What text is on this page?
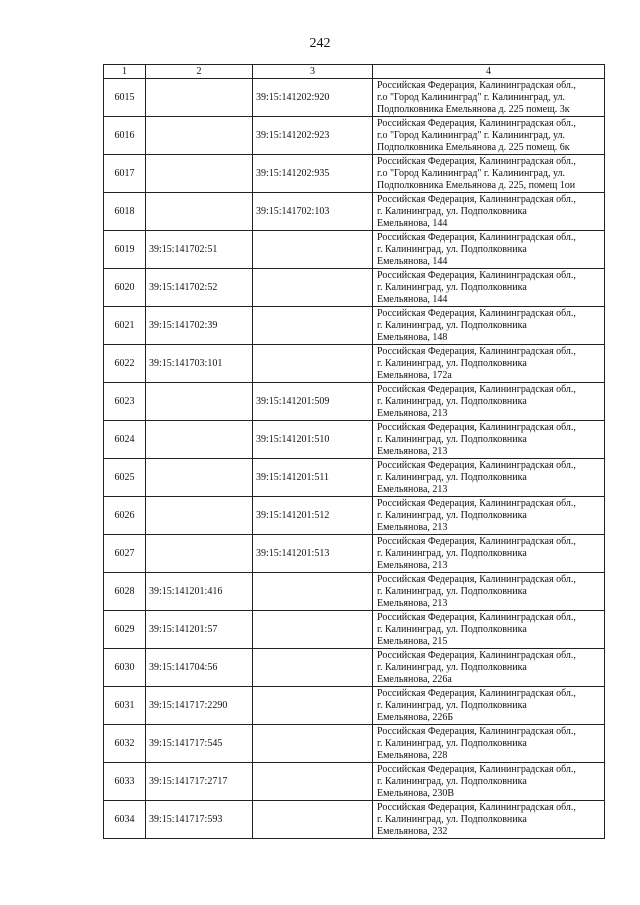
242
1	2	3	4
6015		39:15:141202:920	Российская Федерация, Калининградская обл.,
г.о "Город Калининград" г. Калининград, ул.
Подполковника Емельянова д. 225 помещ. 3к

6016		39:15:141202:923	Российская Федерация, Калининградская обл.,
г.о "Город Калининград" г. Калининград, ул.
Подполковника Емельянова д. 225 помещ. 6к

6017		39:15:141202:935	Российская Федерация, Калининградская обл.,
г.о "Город Калининград" г. Калининград, ул.
Подполковника Емельянова д. 225, помещ 1ои

6018		39:15:141702:103	Российская Федерация, Калининградская обл.,
г. Калининград, ул. Подполковника
Емельянова, 144

6019	39:15:141702:51		Российская Федерация, Калининградская обл.,
г. Калининград, ул. Подполковника
Емельянова, 144

6020	39:15:141702:52		Российская Федерация, Калининградская обл.,
г. Калининград, ул. Подполковника
Емельянова, 144

6021	39:15:141702:39		Российская Федерация, Калининградская обл.,
г. Калининград, ул. Подполковника
Емельянова, 148

6022	39:15:141703:101		Российская Федерация, Калининградская обл.,
г. Калининград, ул. Подполковника
Емельянова, 172а

6023		39:15:141201:509	Российская Федерация, Калининградская обл.,
г. Калининград, ул. Подполковника
Емельянова, 213

6024		39:15:141201:510	Российская Федерация, Калининградская обл.,
г. Калининград, ул. Подполковника
Емельянова, 213

6025		39:15:141201:511	Российская Федерация, Калининградская обл.,
г. Калининград, ул. Подполковника
Емельянова, 213

6026		39:15:141201:512	Российская Федерация, Калининградская обл.,
г. Калининград, ул. Подполковника
Емельянова, 213

6027		39:15:141201:513	Российская Федерация, Калининградская обл.,
г. Калининград, ул. Подполковника
Емельянова, 213

6028	39:15:141201:416		Российская Федерация, Калининградская обл.,
г. Калининград, ул. Подполковника
Емельянова, 213

6029	39:15:141201:57		Российская Федерация, Калининградская обл.,
г. Калининград, ул. Подполковника
Емельянова, 215

6030	39:15:141704:56		Российская Федерация, Калининградская обл.,
г. Калининград, ул. Подполковника
Емельянова, 226а

6031	39:15:141717:2290		Российская Федерация, Калининградская обл.,
г. Калининград, ул. Подполковника
Емельянова, 226Б

6032	39:15:141717:545		Российская Федерация, Калининградская обл.,
г. Калининград, ул. Подполковника
Емельянова, 228

6033	39:15:141717:2717		Российская Федерация, Калининградская обл.,
г. Калининград, ул. Подполковника
Емельянова, 230В

6034	39:15:141717:593		Российская Федерация, Калининградская обл.,
г. Калининград, ул. Подполковника
Емельянова, 232
